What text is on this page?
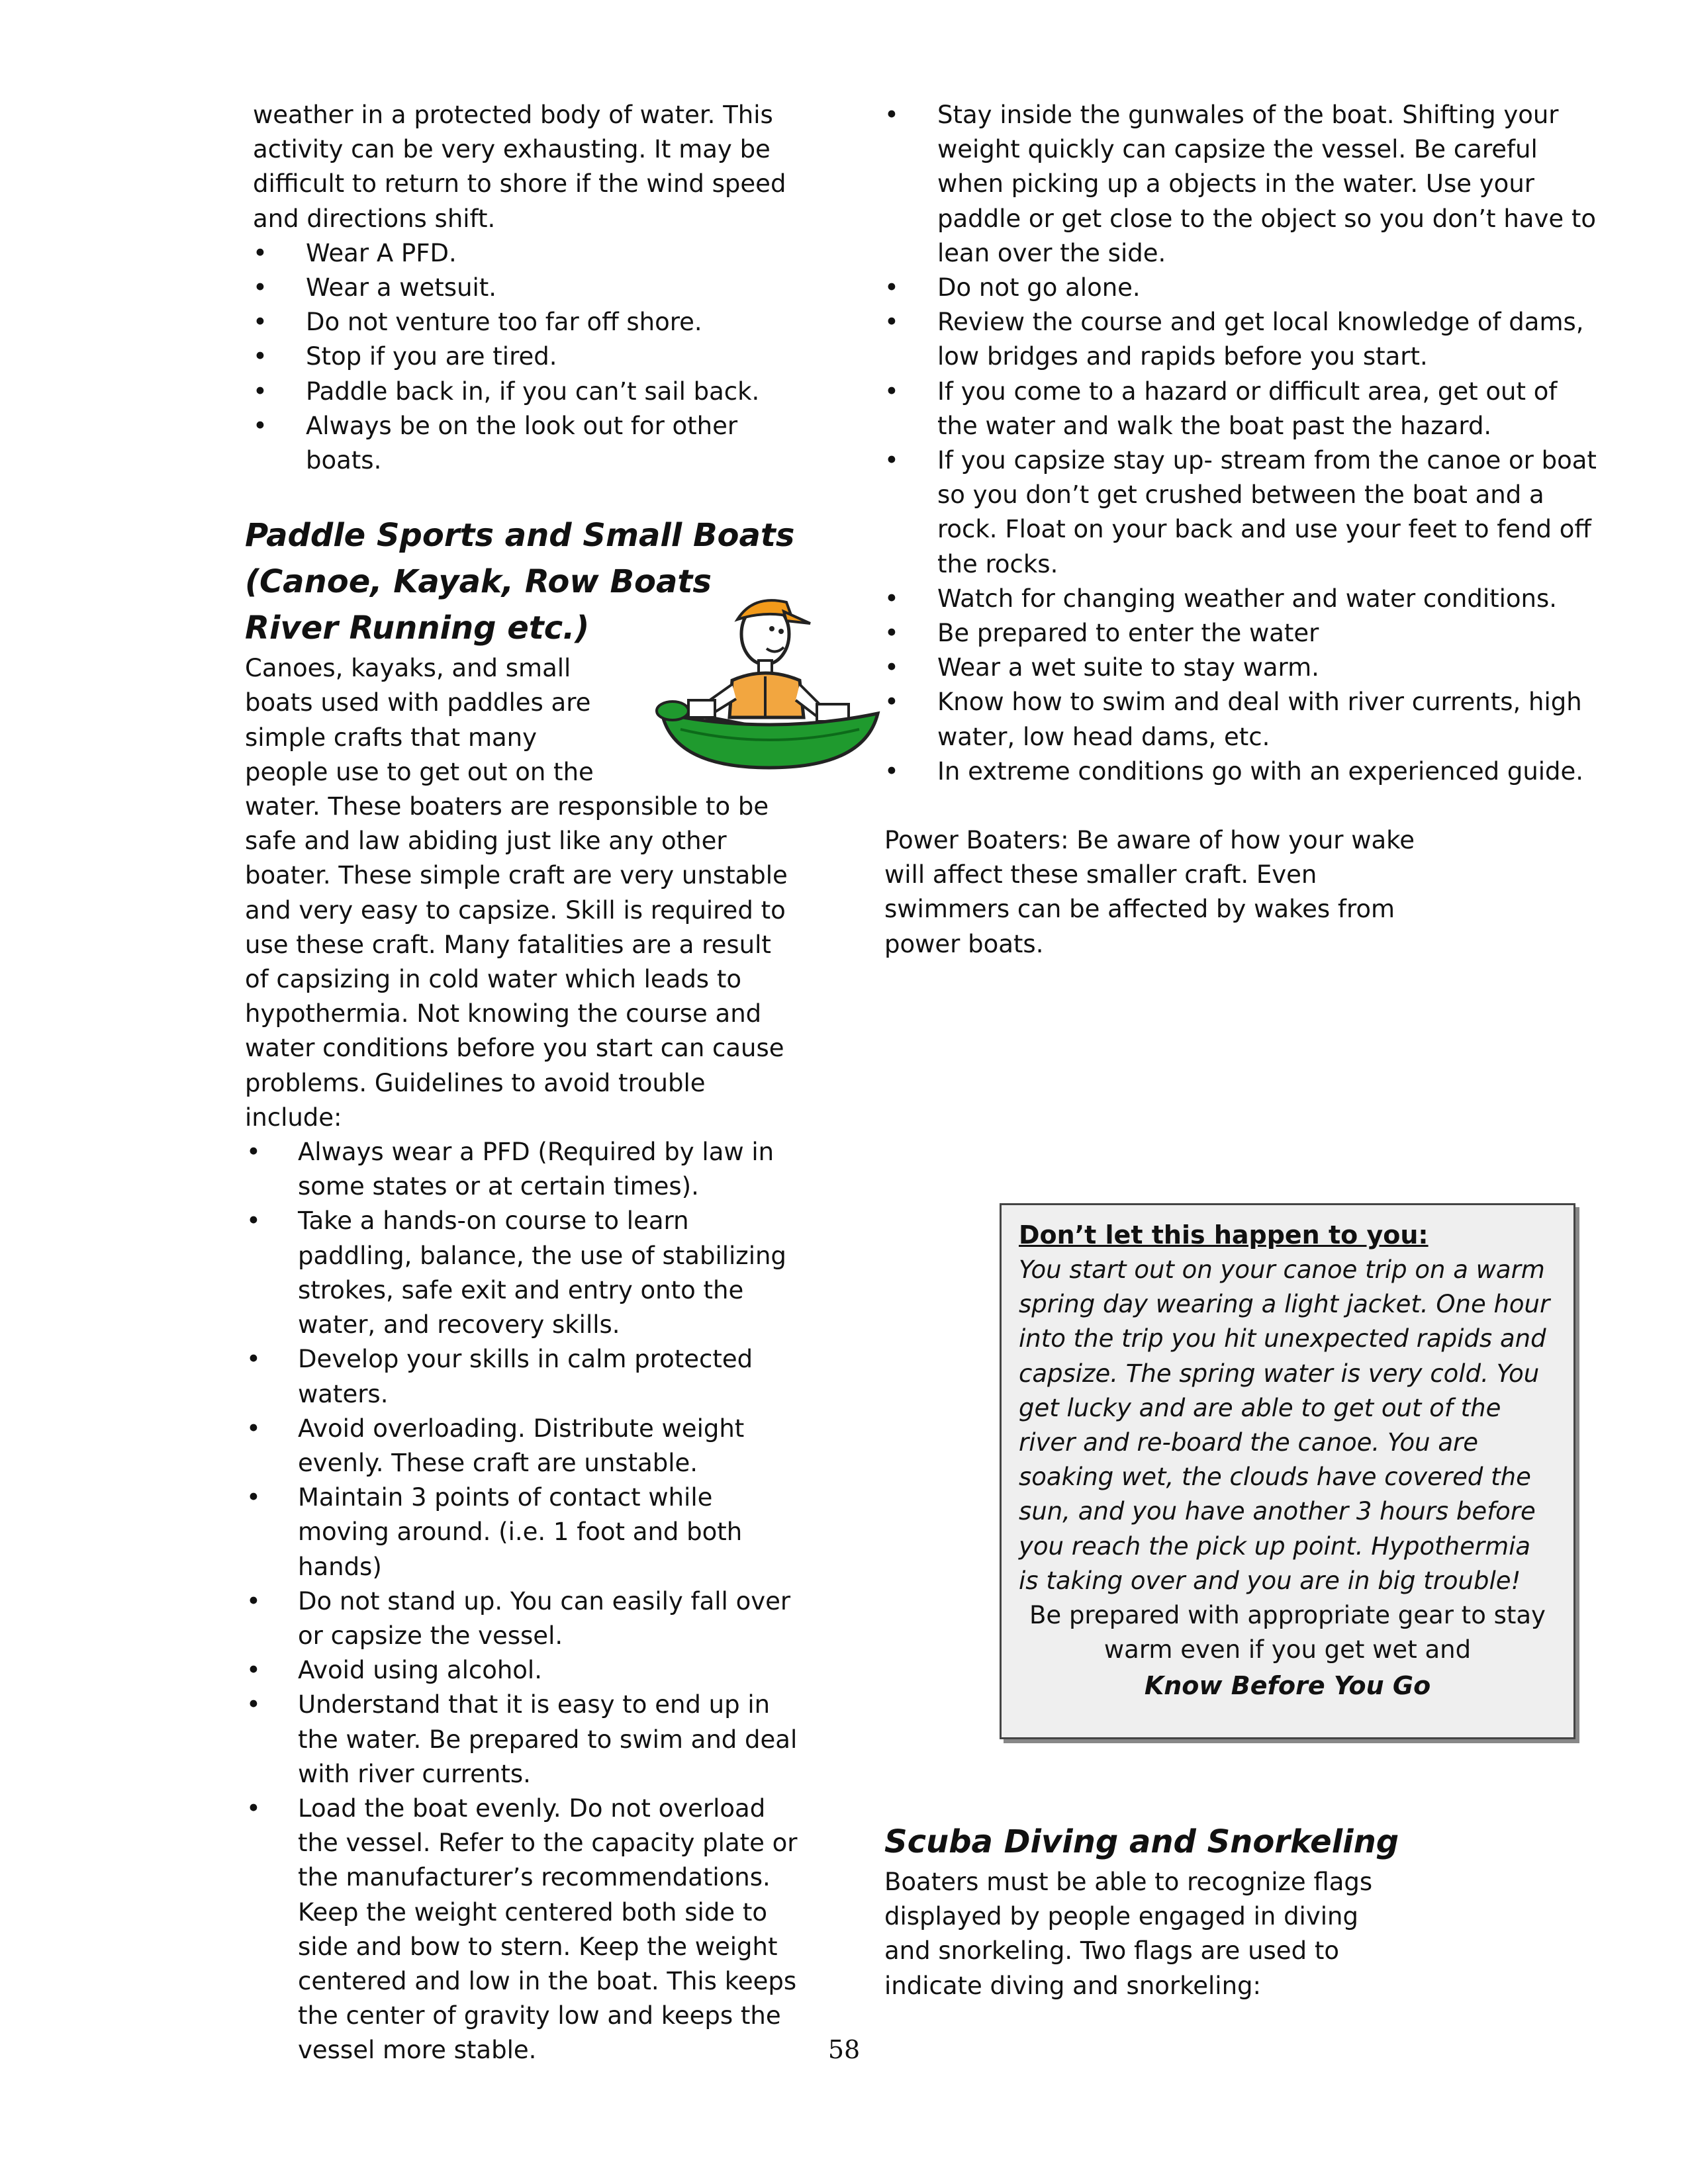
weather in a protected body of water. This activity can be very exhausting. It may be difficult to return to shore if the wind speed and directions shift.

• Wear A PFD.
• Wear a wetsuit.
• Do not venture too far off shore.
• Stop if you are tired.
• Paddle back in, if you can’t sail back.
• Always be on the look out for other boats.
Paddle Sports and Small Boats
(Canoe, Kayak, Row Boats
River Running etc.)

Canoes, kayaks, and small boats used with paddles are simple crafts that many people use to get out on the water. These boaters are responsible to be safe and law abiding just like any other boater. These simple craft are very unstable and very easy to capsize. Skill is required to use these craft. Many fatalities are a result of capsizing in cold water which leads to hypothermia. Not knowing the course and water conditions before you start can cause problems. Guidelines to avoid trouble include:

• Always wear a PFD (Required by law in some states or at certain times).
• Take a hands-on course to learn paddling, balance, the use of stabilizing strokes, safe exit and entry onto the water, and recovery skills.
• Develop your skills in calm protected waters.
• Avoid overloading. Distribute weight evenly. These craft are unstable.
• Maintain 3 points of contact while moving around. (i.e. 1 foot and both hands)
• Do not stand up. You can easily fall over or capsize the vessel.
• Avoid using alcohol.
• Understand that it is easy to end up in the water. Be prepared to swim and deal with river currents.
• Load the boat evenly. Do not overload the vessel. Refer to the capacity plate or the manufacturer’s recommendations. Keep the weight centered both side to side and bow to stern. Keep the weight centered and low in the boat. This keeps the center of gravity low and keeps the vessel more stable.
• Stay inside the gunwales of the boat. Shifting your weight quickly can capsize the vessel. Be careful when picking up a objects in the water. Use your paddle or get close to the object so you don’t have to lean over the side.
• Do not go alone.
• Review the course and get local knowledge of dams, low bridges and rapids before you start.
• If you come to a hazard or difficult area, get out of the water and walk the boat past the hazard.
• If you capsize stay up- stream from the canoe or boat so you don’t get crushed between the boat and a rock. Float on your back and use your feet to fend off the rocks.
• Watch for changing weather and water conditions.
• Be prepared to enter the water
• Wear a wet suite to stay warm.
• Know how to swim and deal with river currents, high water, low head dams, etc.
• In extreme conditions go with an experienced guide.

Power Boaters: Be aware of how your wake will affect these smaller craft. Even swimmers can be affected by wakes from power boats.

Don’t let this happen to you:
You start out on your canoe trip on a warm spring day wearing a light jacket. One hour into the trip you hit unexpected rapids and capsize. The spring water is very cold. You get lucky and are able to get out of the river and re-board the canoe. You are soaking wet, the clouds have covered the sun, and you have another 3 hours before you reach the pick up point. Hypothermia is taking over and you are in big trouble!
Be prepared with appropriate gear to stay warm even if you get wet and
Know Before You Go
Scuba Diving and Snorkeling

Boaters must be able to recognize flags displayed by people engaged in diving and snorkeling. Two flags are used to indicate diving and snorkeling:

58
